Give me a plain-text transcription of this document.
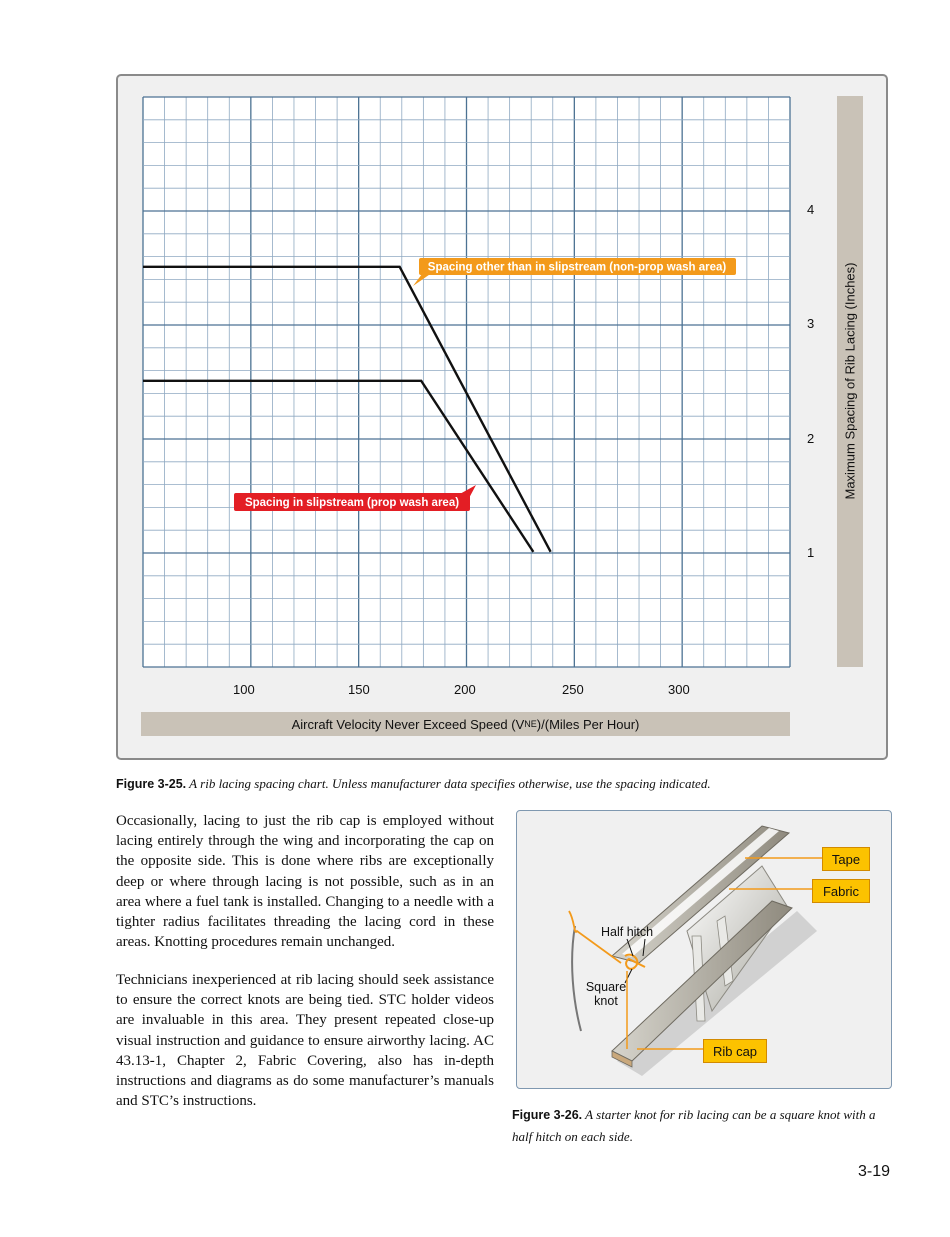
Spacing other than in slipstream (non-prop wash area)
Spacing in slipstream (prop wash area)
Maximum Spacing of Rib Lacing (Inches)
100	150	200	250	300
1
2
3
4
Aircraft Velocity Never Exceed Speed (V NE )/(Miles Per Hour)
Figure 3-25. A rib lacing spacing chart. Unless manufacturer data specifies otherwise, use the spacing indicated.
Occasionally, lacing to just the rib cap is employed without lacing entirely through the wing and incorporating the cap on the opposite side. This is done where ribs are exceptionally deep or where through lacing is not possible, such as in an area where a fuel tank is installed. Changing to a needle with a tighter radius facilitates threading the lacing cord in these areas. Knotting procedures remain unchanged.
Technicians inexperienced at rib lacing should seek assistance to ensure the correct knots are being tied. STC holder videos are invaluable in this area. They present repeated close-up visual instruction and guidance to ensure airworthy lacing. AC 43.13-1, Chapter 2, Fabric Covering, also has in-depth instructions and diagrams as do some manufacturer’s manuals and STC’s instructions.
Tape
Fabric
Rib cap
Half hitch
Square
knot
Figure 3-26. A starter knot for rib lacing can be a square knot with a half hitch on each side.
3-19
